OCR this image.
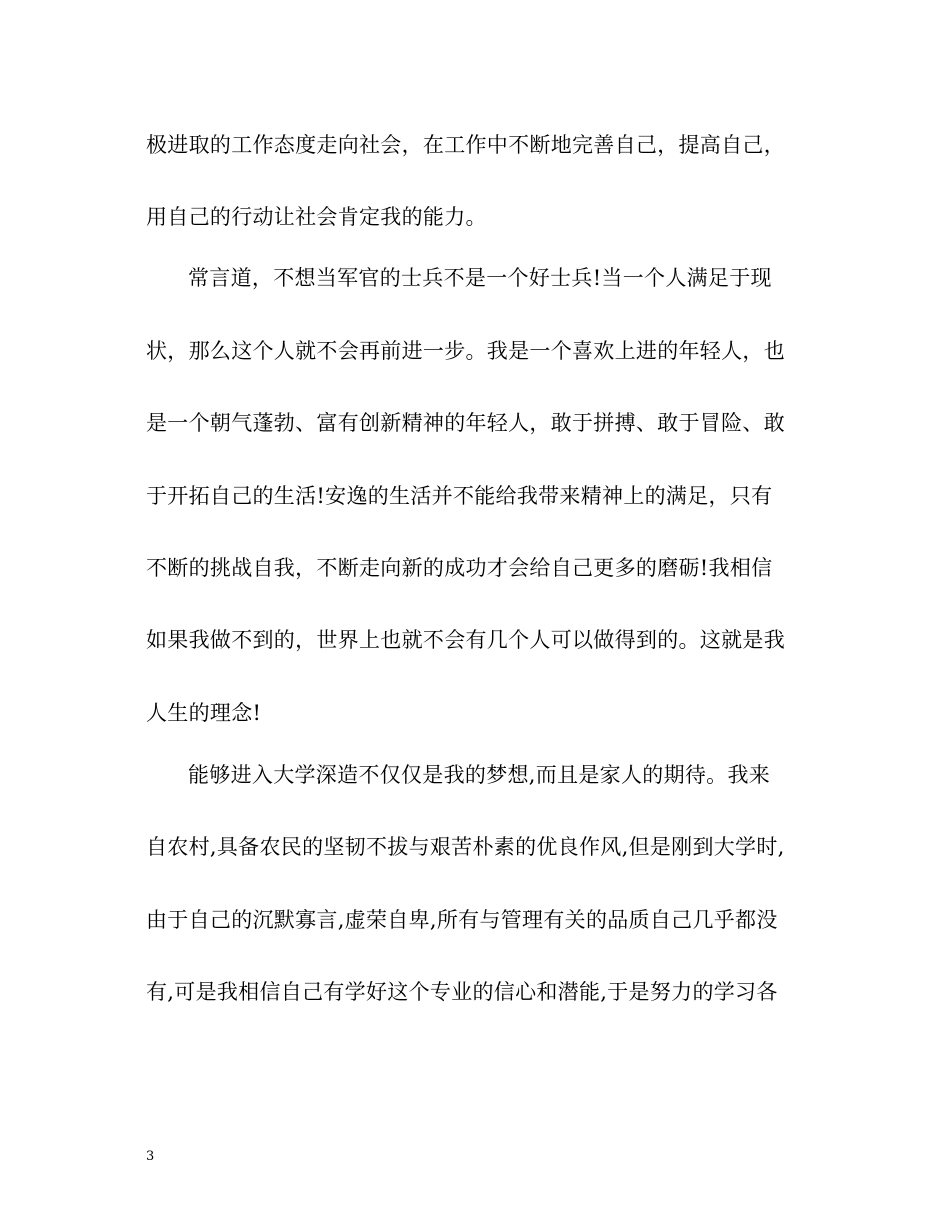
极进取的工作态度走向社会，在工作中不断地完善自己，提高自己，
用自己的行动让社会肯定我的能力。
常言道，不想当军官的士兵不是一个好士兵!当一个人满足于现
状，那么这个人就不会再前进一步。我是一个喜欢上进的年轻人，也
是一个朝气蓬勃、富有创新精神的年轻人，敢于拼搏、敢于冒险、敢
于开拓自己的生活!安逸的生活并不能给我带来精神上的满足，只有
不断的挑战自我，不断走向新的成功才会给自己更多的磨砺!我相信
如果我做不到的，世界上也就不会有几个人可以做得到的。这就是我
人生的理念!
能够进入大学深造不仅仅是我的梦想,而且是家人的期待。我来
自农村,具备农民的坚韧不拔与艰苦朴素的优良作风,但是刚到大学时,
由于自己的沉默寡言,虚荣自卑,所有与管理有关的品质自己几乎都没
有,可是我相信自己有学好这个专业的信心和潜能,于是努力的学习各
3
